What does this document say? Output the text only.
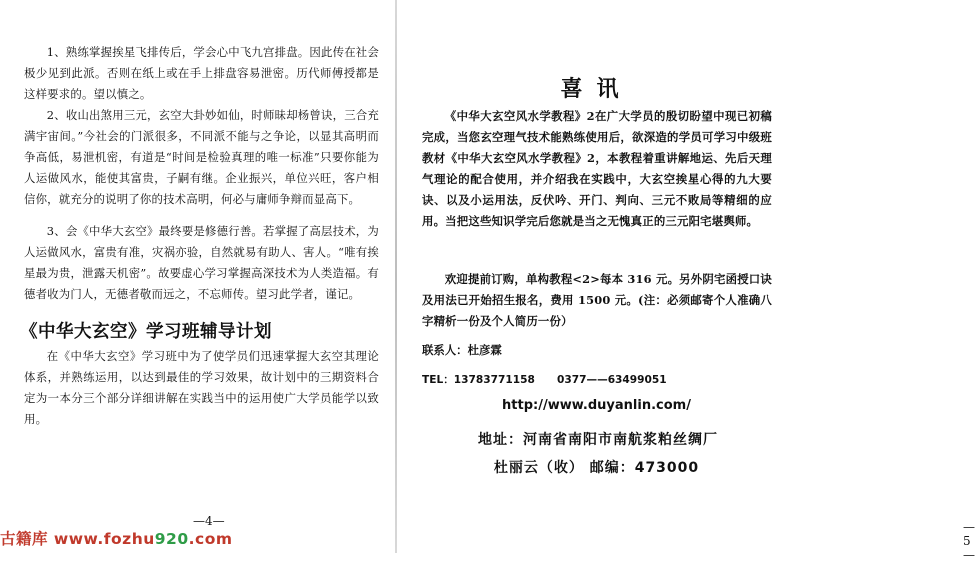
1、熟练掌握挨星飞排传后，学会心中飞九宫排盘。因此传在社会极少见到此派。否则在纸上或在手上排盘容易泄密。历代师傅授都是这样要求的。望以慎之。

2、收山出煞用三元，玄空大卦妙如仙，时师昧却杨曾诀，三合充满宇宙间。”今社会的门派很多，不同派不能与之争论，以显其高明而争高低，易泄机密，有道是“时间是检验真理的唯一标准”只要你能为人运做风水，能使其富贵，子嗣有继。企业振兴，单位兴旺，客户相信你，就充分的说明了你的技术高明，何必与庸师争辩而显高下。

3、会《中华大玄空》最终要是修德行善。若掌握了高层技术，为人运做风水，富贵有准，灾祸亦验，自然就易有助人、害人。“唯有挨星最为贵，泄露天机密”。故要虚心学习掌握高深技术为人类造福。有德者收为门人，无德者敬而远之，不忘师传。望习此学者，谨记。

《中华大玄空》学习班辅导计划

在《中华大玄空》学习班中为了使学员们迅速掌握大玄空其理论体系，并熟练运用，以达到最佳的学习效果，故计划中的三期资料合定为一本分三个部分详细讲解在实践当中的运用使广大学员能学以致用。

—4—
喜讯

《中华大玄空风水学教程》2在广大学员的殷切盼望中现已初稿完成，当您玄空理气技术能熟练使用后，欲深造的学员可学习中级班教材《中华大玄空风水学教程》2，本教程着重讲解地运、先后天理气理论的配合使用，并介绍我在实践中，大玄空挨星心得的九大要诀、以及小运用法，反伏吟、开门、判向、三元不败局等精细的应用。当把这些知识学完后您就是当之无愧真正的三元阳宅堪舆师。

欢迎提前订购，单构教程<2>每本 316 元。另外阴宅函授口诀及用法已开始招生报名，费用 1500 元。(注：必须邮寄个人准确八字精析一份及个人简历一份）

联系人：杜彦霖

TEL：13783771158      0377——63499051

http://www.duyanlin.com/

地址：河南省南阳市南航浆粕丝绸厂

杜丽云（收） 邮编：473000

—5—
古籍库 www.fozhu920.com
